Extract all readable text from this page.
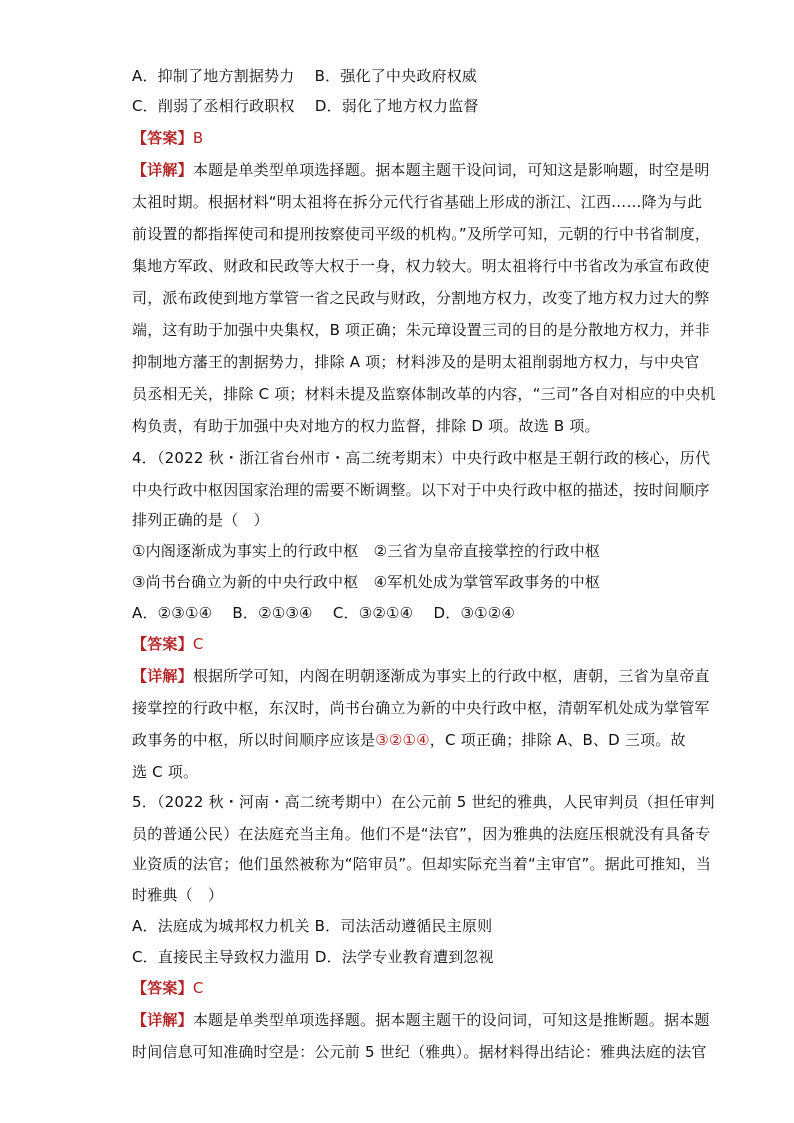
A．抑制了地方割据势力　 B．强化了中央政府权威
C．削弱了丞相行政职权　 D．弱化了地方权力监督
【答案】B
【详解】本题是单类型单项选择题。据本题主题干设问词，可知这是影响题，时空是明
太祖时期。根据材料“明太祖将在拆分元代行省基础上形成的浙江、江西……降为与此
前设置的都指挥使司和提刑按察使司平级的机构。”及所学可知，元朝的行中书省制度，
集地方军政、财政和民政等大权于一身，权力较大。明太祖将行中书省改为承宣布政使
司，派布政使到地方掌管一省之民政与财政，分割地方权力，改变了地方权力过大的弊
端，这有助于加强中央集权，B 项正确；朱元璋设置三司的目的是分散地方权力，并非
抑制地方藩王的割据势力，排除 A 项；材料涉及的是明太祖削弱地方权力，与中央官
员丞相无关，排除 C 项；材料未提及监察体制改革的内容，“三司”各自对相应的中央机
构负责，有助于加强中央对地方的权力监督，排除 D 项。故选 B 项。
4．（2022 秋・浙江省台州市・高二统考期末）中央行政中枢是王朝行政的核心，历代
中央行政中枢因国家治理的需要不断调整。以下对于中央行政中枢的描述，按时间顺序
排列正确的是（　）
①内阁逐渐成为事实上的行政中枢　②三省为皇帝直接掌控的行政中枢
③尚书台确立为新的中央行政中枢　④军机处成为掌管军政事务的中枢
A．②③①④　 B．②①③④　 C．③②①④　 D．③①②④
【答案】C
【详解】根据所学可知，内阁在明朝逐渐成为事实上的行政中枢，唐朝，三省为皇帝直
接掌控的行政中枢，东汉时，尚书台确立为新的中央行政中枢，清朝军机处成为掌管军
政事务的中枢，所以时间顺序应该是③②①④，C 项正确；排除 A、B、D 三项。故
选 C 项。
5．（2022 秋・河南・高二统考期中）在公元前 5 世纪的雅典，人民审判员（担任审判
员的普通公民）在法庭充当主角。他们不是“法官”，因为雅典的法庭压根就没有具备专
业资质的法官；他们虽然被称为“陪审员”。但却实际充当着“主审官”。据此可推知，当
时雅典（　）
A．法庭成为城邦权力机关 B．司法活动遵循民主原则
C．直接民主导致权力滥用 D．法学专业教育遭到忽视
【答案】C
【详解】本题是单类型单项选择题。据本题主题干的设问词，可知这是推断题。据本题
时间信息可知准确时空是：公元前 5 世纪（雅典）。据材料得出结论：雅典法庭的法官
